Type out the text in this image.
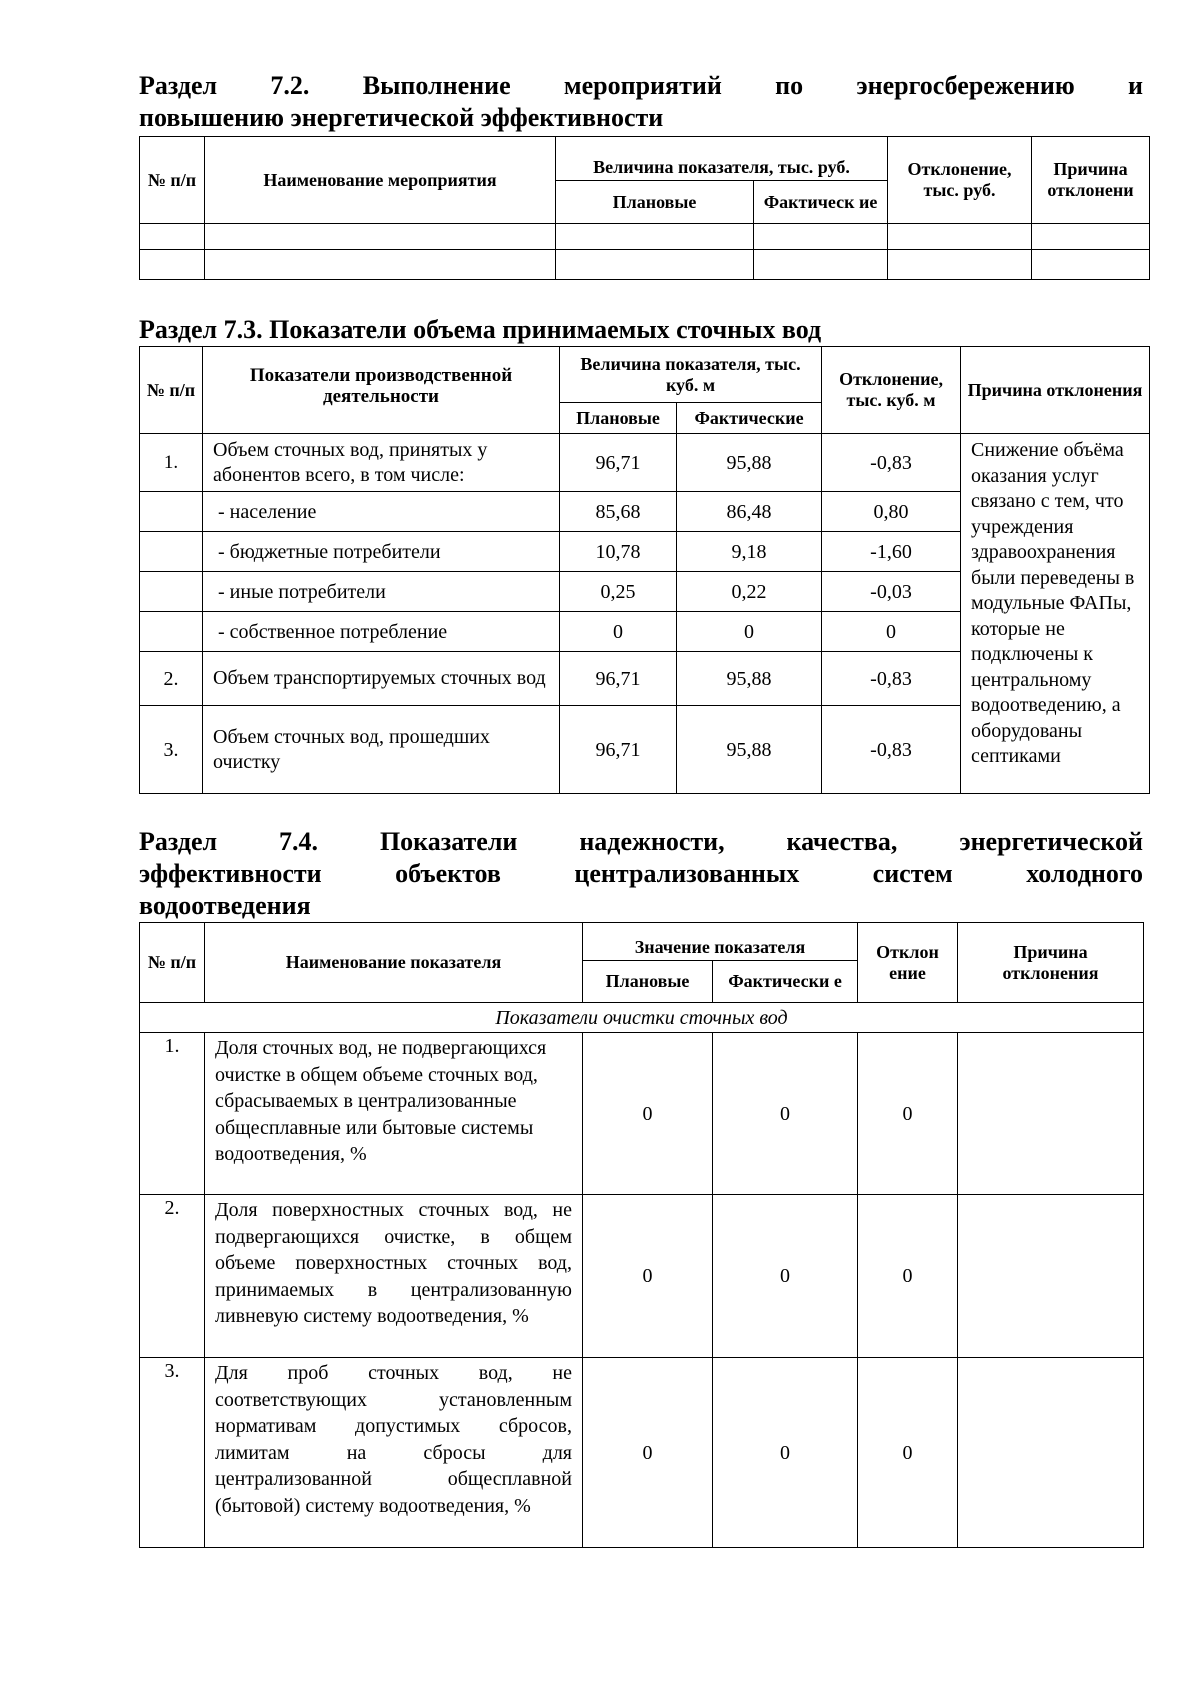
Раздел 7.2. Выполнение мероприятий по энергосбережению и
повышению энергетической эффективности
№ п/п	Наименование мероприятия	Величина показателя, тыс. руб.		Отклонение, тыс. руб.	Причина отклонени
		Плановые	Фактическ ие		

Раздел 7.3. Показатели объема принимаемых сточных вод
№ п/п	Показатели производственной деятельности	Величина показателя, тыс. куб. м		Отклонение, тыс. куб. м	Причина отклонения
		Плановые	Фактические		
1.	Объем сточных вод, принятых у абонентов всего, в том числе:	96,71	95,88	-0,83	Снижение объёма оказания услуг связано с тем, что учреждения здравоохранения были переведены в модульные ФАПы, которые не подключены к центральному водоотведению, а оборудованы септиками
	- население	85,68	86,48	0,80	
	- бюджетные потребители	10,78	9,18	-1,60	
	- иные потребители	0,25	0,22	-0,03	
	- собственное потребление	0	0	0	
2.	Объем транспортируемых сточных вод	96,71	95,88	-0,83	
3.	Объем сточных вод, прошедших очистку	96,71	95,88	-0,83	
Раздел 7.4. Показатели надежности, качества, энергетической
эффективности объектов централизованных систем холодного
водоотведения
№ п/п	Наименование показателя	Значение показателя		Отклон ение	Причина отклонения
		Плановые	Фактически е		
Показатели очистки сточных вод					
1.	Доля сточных вод, не подвергающихся очистке в общем объеме сточных вод, сбрасываемых в централизованные общесплавные или бытовые системы водоотведения, %	0	0	0	
2.	Доля поверхностных сточных вод, не подвергающихся очистке, в общем объеме поверхностных сточных вод, принимаемых в централизованную ливневую систему водоотведения, %	0	0	0	
3.	Для проб сточных вод, не соответствующих установленным нормативам допустимых сбросов, лимитам на сбросы для централизованной общесплавной (бытовой) систему водоотведения, %	0	0	0	
